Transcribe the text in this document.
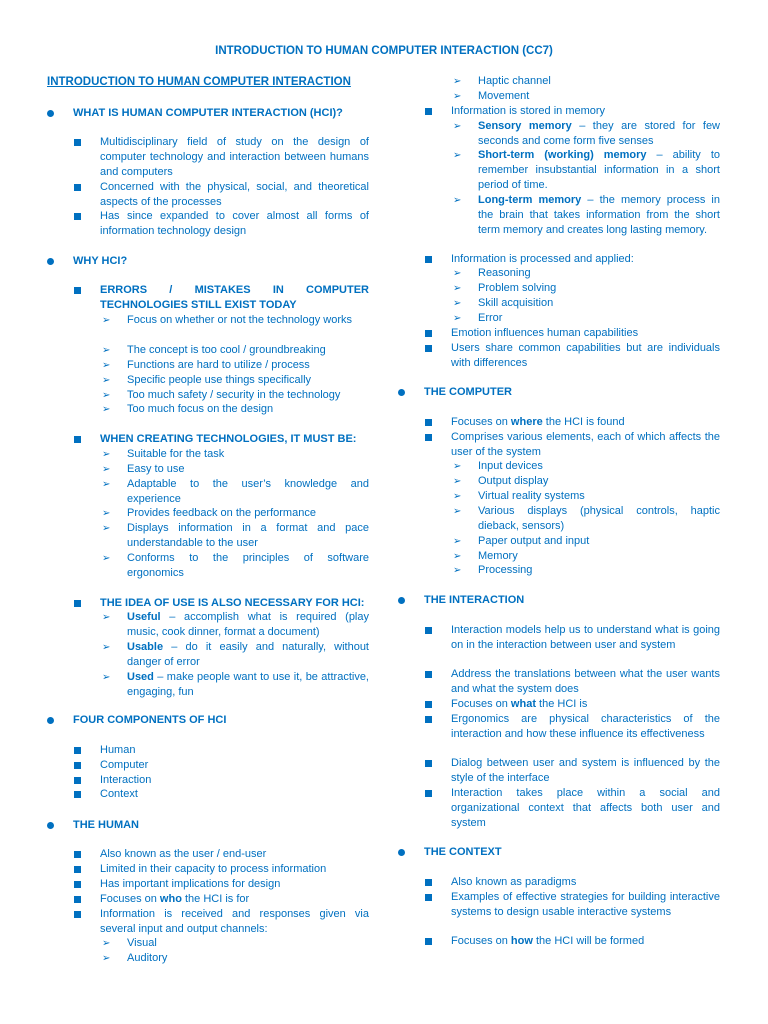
INTRODUCTION TO HUMAN COMPUTER INTERACTION (CC7)
INTRODUCTION TO HUMAN COMPUTER INTERACTION
WHAT IS HUMAN COMPUTER INTERACTION (HCI)?
Multidisciplinary field of study on the design of computer technology and interaction between humans and computers
Concerned with the physical, social, and theoretical aspects of the processes
Has since expanded to cover almost all forms of information technology design
WHY HCI?
ERRORS / MISTAKES IN COMPUTER TECHNOLOGIES STILL EXIST TODAY
➢ Focus on whether or not the technology works
➢ The concept is too cool / groundbreaking
➢ Functions are hard to utilize / process
➢ Specific people use things specifically
➢ Too much safety / security in the technology
➢ Too much focus on the design
WHEN CREATING TECHNOLOGIES, IT MUST BE:
➢ Suitable for the task
➢ Easy to use
➢ Adaptable to the user’s knowledge and experience
➢ Provides feedback on the performance
➢ Displays information in a format and pace understandable to the user
➢ Conforms to the principles of software ergonomics
THE IDEA OF USE IS ALSO NECESSARY FOR HCI:
➢ Useful – accomplish what is required (play music, cook dinner, format a document)
➢ Usable – do it easily and naturally, without danger of error
➢ Used – make people want to use it, be attractive, engaging, fun
FOUR COMPONENTS OF HCI
Human
Computer
Interaction
Context
THE HUMAN
Also known as the user / end-user
Limited in their capacity to process information
Has important implications for design
Focuses on who the HCI is for
Information is received and responses given via several input and output channels:
➢ Visual
➢ Auditory
➢ Haptic channel
➢ Movement
Information is stored in memory
➢ Sensory memory – they are stored for few seconds and come form five senses
➢ Short-term (working) memory – ability to remember insubstantial information in a short period of time.
➢ Long-term memory – the memory process in the brain that takes information from the short term memory and creates long lasting memory.
Information is processed and applied:
➢ Reasoning
➢ Problem solving
➢ Skill acquisition
➢ Error
Emotion influences human capabilities
Users share common capabilities but are individuals with differences
THE COMPUTER
Focuses on where the HCI is found
Comprises various elements, each of which affects the user of the system
➢ Input devices
➢ Output display
➢ Virtual reality systems
➢ Various displays (physical controls, haptic dieback, sensors)
➢ Paper output and input
➢ Memory
➢ Processing
THE INTERACTION
Interaction models help us to understand what is going on in the interaction between user and system
Address the translations between what the user wants and what the system does
Focuses on what the HCI is
Ergonomics are physical characteristics of the interaction and how these influence its effectiveness
Dialog between user and system is influenced by the style of the interface
Interaction takes place within a social and organizational context that affects both user and system
THE CONTEXT
Also known as paradigms
Examples of effective strategies for building interactive systems to design usable interactive systems
Focuses on how the HCI will be formed
